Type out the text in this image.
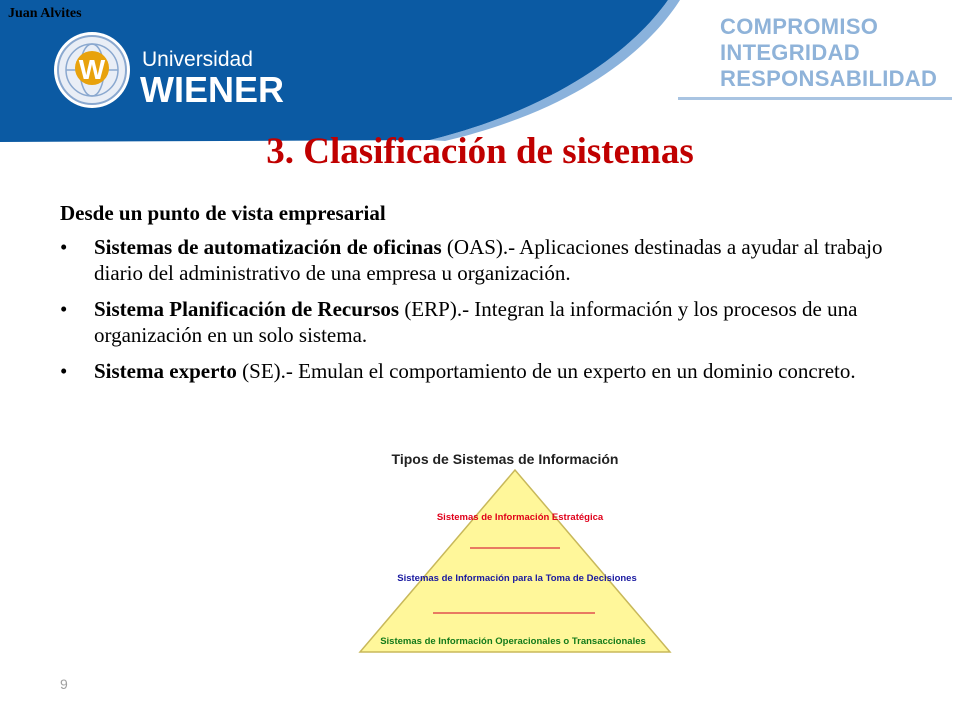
Juan Alvites
W Universidad
WIENER
COMPROMISO
INTEGRIDAD
RESPONSABILIDAD
3. Clasificación de sistemas
Desde un punto de vista empresarial
• Sistemas de automatización de oficinas (OAS).- Aplicaciones destinadas a ayudar al trabajo diario del administrativo de una empresa u organización.
• Sistema Planificación de Recursos (ERP).- Integran la información y los procesos de una organización en un solo sistema.
• Sistema experto (SE).- Emulan el comportamiento de un experto en un dominio concreto.
Tipos de Sistemas de Información
Sistemas de Información Estratégica
Sistemas de Información para la Toma de Decisiones
Sistemas de Información Operacionales o Transaccionales
9
